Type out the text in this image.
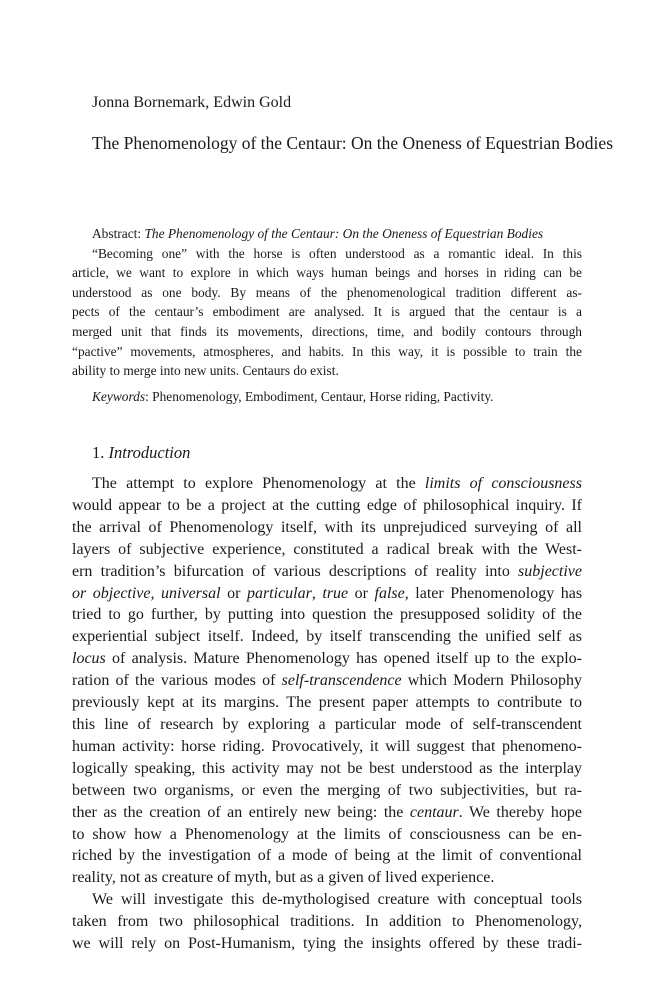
Jonna Bornemark, Edwin Gold
The Phenomenology of the Centaur: On the Oneness of Equestrian Bodies

Abstract: The Phenomenology of the Centaur: On the Oneness of Equestrian Bodies

“Becoming one” with the horse is often understood as a romantic ideal. In this
article, we want to explore in which ways human beings and horses in riding can be
understood as one body. By means of the phenomenological tradition different as-
pects of the centaur’s embodiment are analysed. It is argued that the centaur is a
merged unit that finds its movements, directions, time, and bodily contours through
“pactive” movements, atmospheres, and habits. In this way, it is possible to train the
ability to merge into new units. Centaurs do exist.

Keywords: Phenomenology, Embodiment, Centaur, Horse riding, Pactivity.

1. Introduction

The attempt to explore Phenomenology at the limits of consciousness
would appear to be a project at the cutting edge of philosophical inquiry. If
the arrival of Phenomenology itself, with its unprejudiced surveying of all
layers of subjective experience, constituted a radical break with the West-
ern tradition’s bifurcation of various descriptions of reality into subjective
or objective, universal or particular, true or false, later Phenomenology has
tried to go further, by putting into question the presupposed solidity of the
experiential subject itself. Indeed, by itself transcending the unified self as
locus of analysis. Mature Phenomenology has opened itself up to the explo-
ration of the various modes of self-transcendence which Modern Philosophy
previously kept at its margins. The present paper attempts to contribute to
this line of research by exploring a particular mode of self-transcendent
human activity: horse riding. Provocatively, it will suggest that phenomeno-
logically speaking, this activity may not be best understood as the interplay
between two organisms, or even the merging of two subjectivities, but ra-
ther as the creation of an entirely new being: the centaur. We thereby hope
to show how a Phenomenology at the limits of consciousness can be en-
riched by the investigation of a mode of being at the limit of conventional
reality, not as creature of myth, but as a given of lived experience.

We will investigate this de-mythologised creature with conceptual tools
taken from two philosophical traditions. In addition to Phenomenology,
we will rely on Post-Humanism, tying the insights offered by these tradi-
